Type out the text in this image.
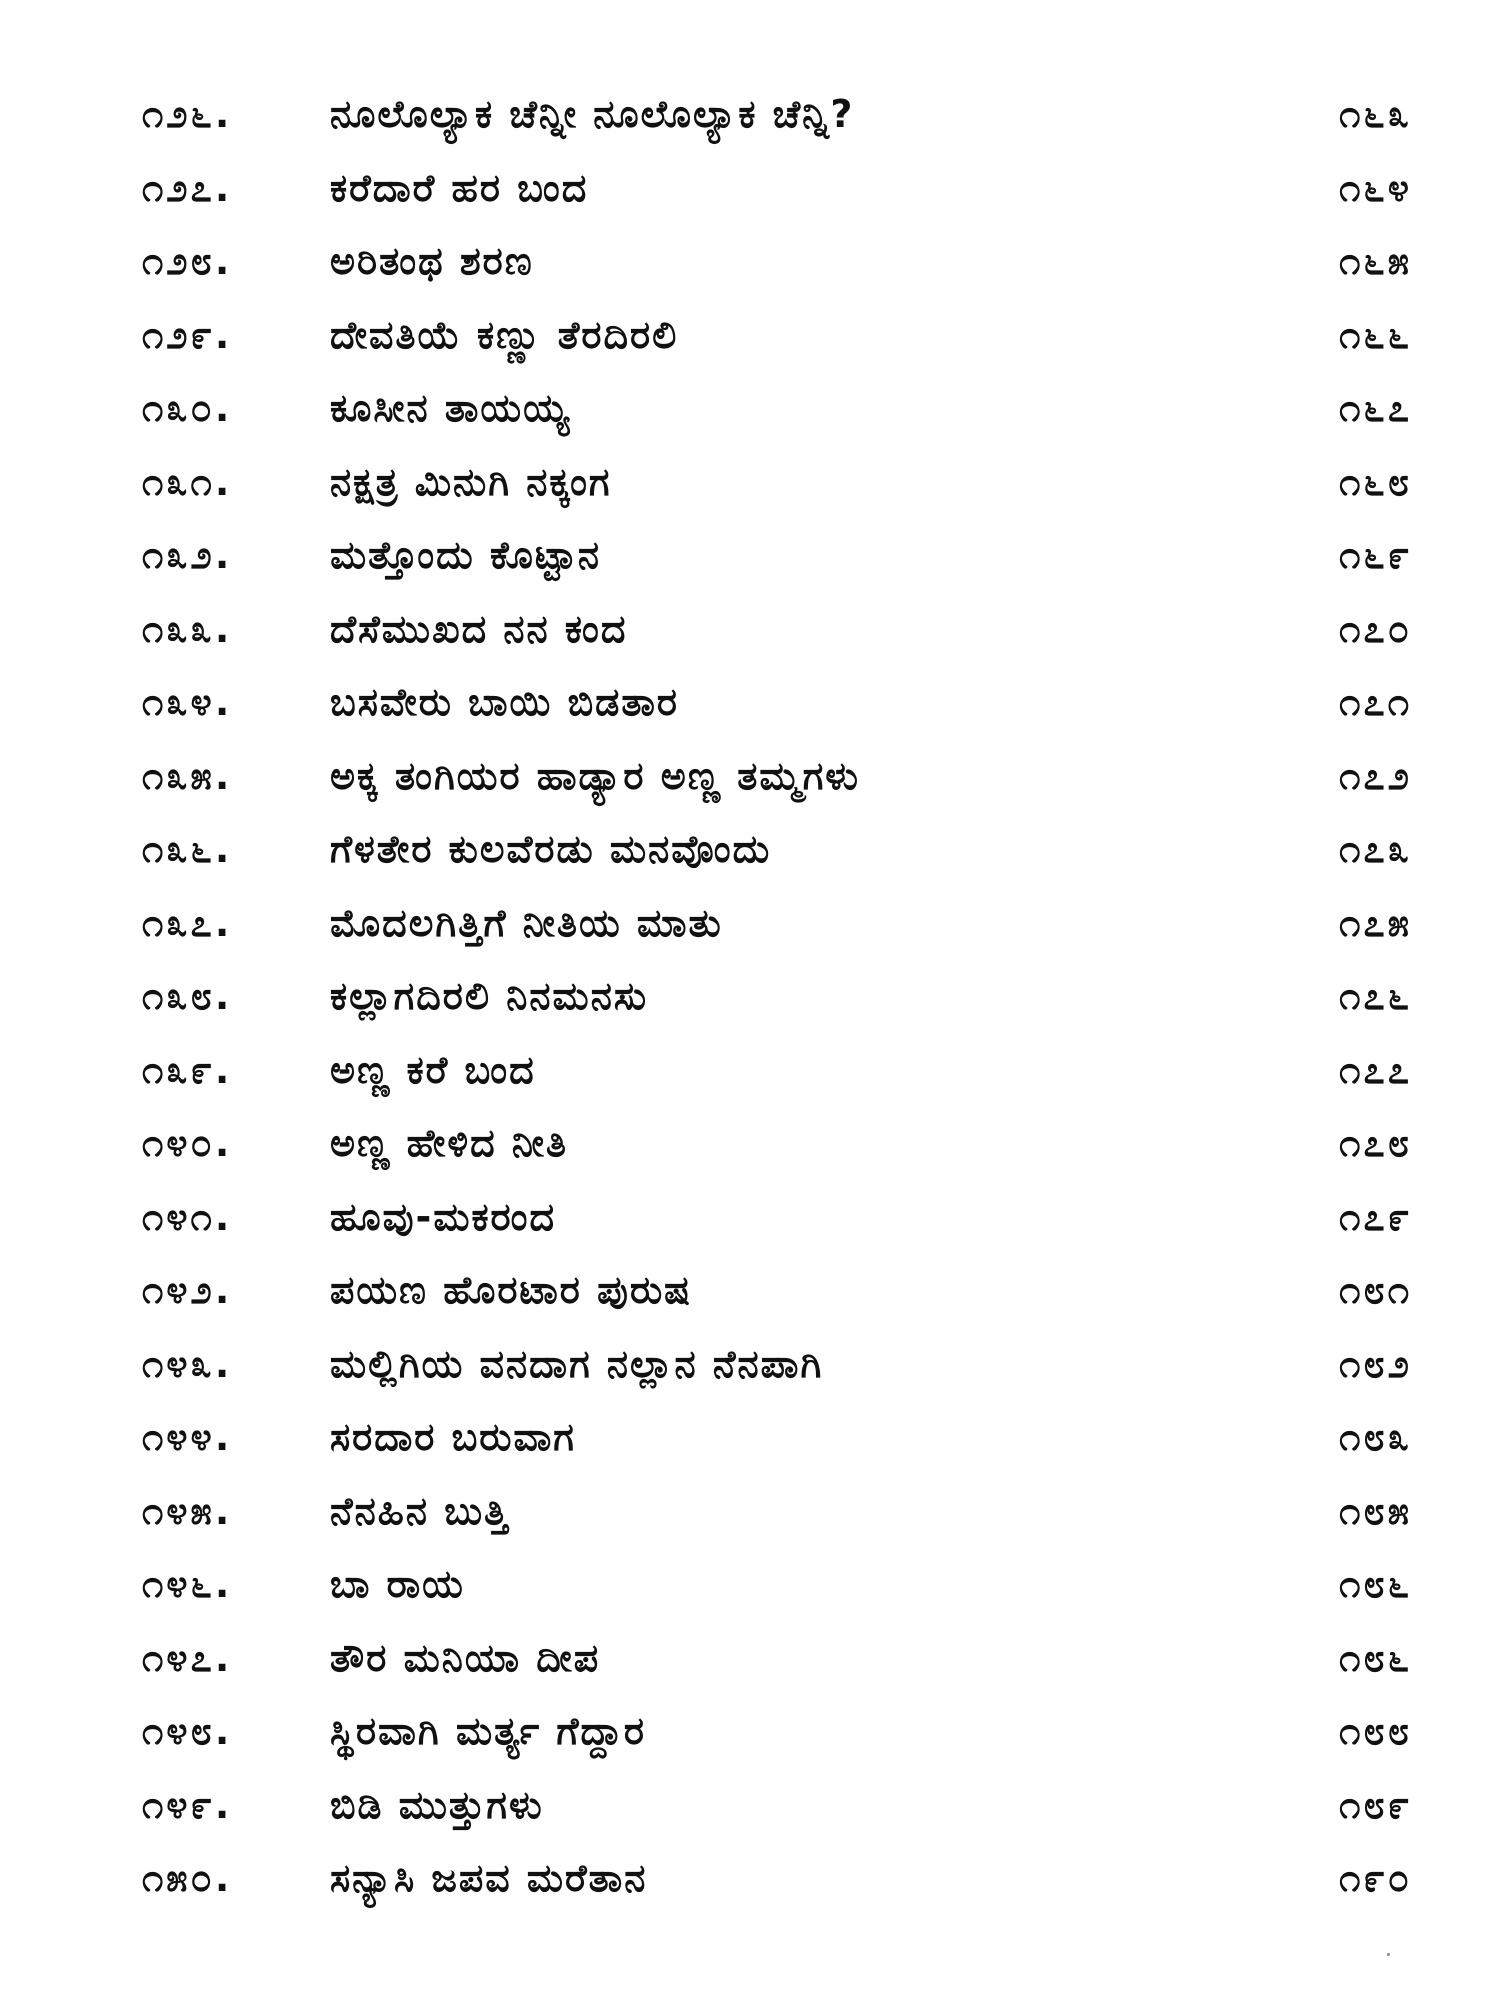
೧೨೬.	ನೂಲೊಲ್ಯಾಕ ಚೆನ್ನೀ ನೂಲೊಲ್ಯಾಕ ಚೆನ್ನಿ?	೧೬೩
೧೨೭.	ಕರೆದಾರೆ ಹರ ಬಂದ	೧೬೪
೧೨೮.	ಅರಿತಂಥ ಶರಣ	೧೬೫
೧೨೯.	ದೇವತಿಯೆ ಕಣ್ಣು ತೆರದಿರಲಿ	೧೬೬
೧೩೦.	ಕೂಸೀನ ತಾಯಯ್ಯ	೧೬೭
೧೩೧.	ನಕ್ಷತ್ರ ಮಿನುಗಿ ನಕ್ಕಂಗ	೧೬೮
೧೩೨.	ಮತ್ತೊಂದು ಕೊಟ್ಟಾನ	೧೬೯
೧೩೩.	ದೆಸೆಮುಖದ ನನ ಕಂದ	೧೭೦
೧೩೪.	ಬಸವೇರು ಬಾಯಿ ಬಿಡತಾರ	೧೭೧
೧೩೫.	ಅಕ್ಕ ತಂಗಿಯರ ಹಾಡ್ಯಾರ ಅಣ್ಣ ತಮ್ಮಗಳು	೧೭೨
೧೩೬.	ಗೆಳತೇರ ಕುಲವೆರಡು ಮನವೊಂದು	೧೭೩
೧೩೭.	ಮೊದಲಗಿತ್ತಿಗೆ ನೀತಿಯ ಮಾತು	೧೭೫
೧೩೮.	ಕಲ್ಲಾಗದಿರಲಿ ನಿನಮನಸು	೧೭೬
೧೩೯.	ಅಣ್ಣ ಕರೆ ಬಂದ	೧೭೭
೧೪೦.	ಅಣ್ಣ ಹೇಳಿದ ನೀತಿ	೧೭೮
೧೪೧.	ಹೂವು-ಮಕರಂದ	೧೭೯
೧೪೨.	ಪಯಣ ಹೊರಟಾರ ಪುರುಷ	೧೮೧
೧೪೩.	ಮಲ್ಲಿಗಿಯ ವನದಾಗ ನಲ್ಲಾನ ನೆನಪಾಗಿ	೧೮೨
೧೪೪.	ಸರದಾರ ಬರುವಾಗ	೧೮೩
೧೪೫.	ನೆನಹಿನ ಬುತ್ತಿ	೧೮೫
೧೪೬.	ಬಾ ರಾಯ	೧೮೬
೧೪೭.	ತೌರ ಮನಿಯಾ ದೀಪ	೧೮೬
೧೪೮.	ಸ್ಥಿರವಾಗಿ ಮರ್ತ್ಯ ಗೆದ್ದಾರ	೧೮೮
೧೪೯.	ಬಿಡಿ ಮುತ್ತುಗಳು	೧೮೯
೧೫೦.	ಸನ್ಯಾಸಿ ಜಪವ ಮರೆತಾನ	೧೯೦
